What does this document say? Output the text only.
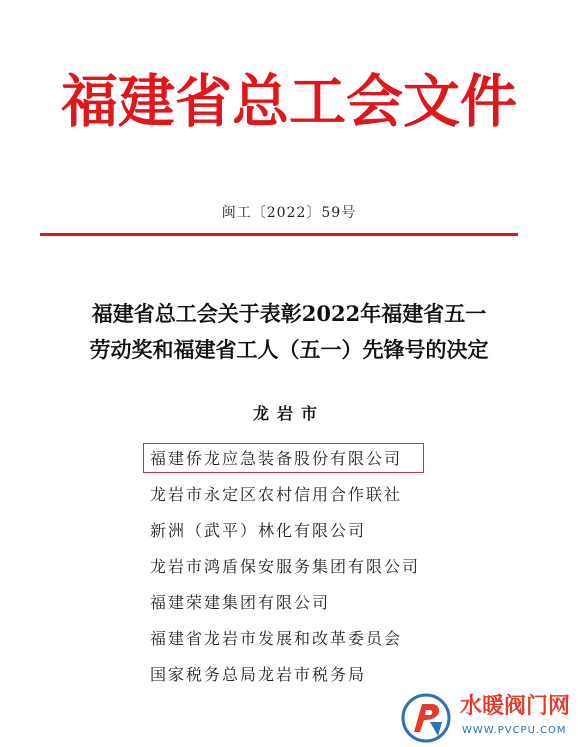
福建省总工会文件
闽工〔2022〕59号
福建省总工会关于表彰2022年福建省五一
劳动奖和福建省工人（五一）先锋号的决定
龙岩市
福建侨龙应急装备股份有限公司
龙岩市永定区农村信用合作联社
新洲（武平）林化有限公司
龙岩市鸿盾保安服务集团有限公司
福建荣建集团有限公司
福建省龙岩市发展和改革委员会
国家税务总局龙岩市税务局
水暖阀门网
WWW.PVCPU.COM
